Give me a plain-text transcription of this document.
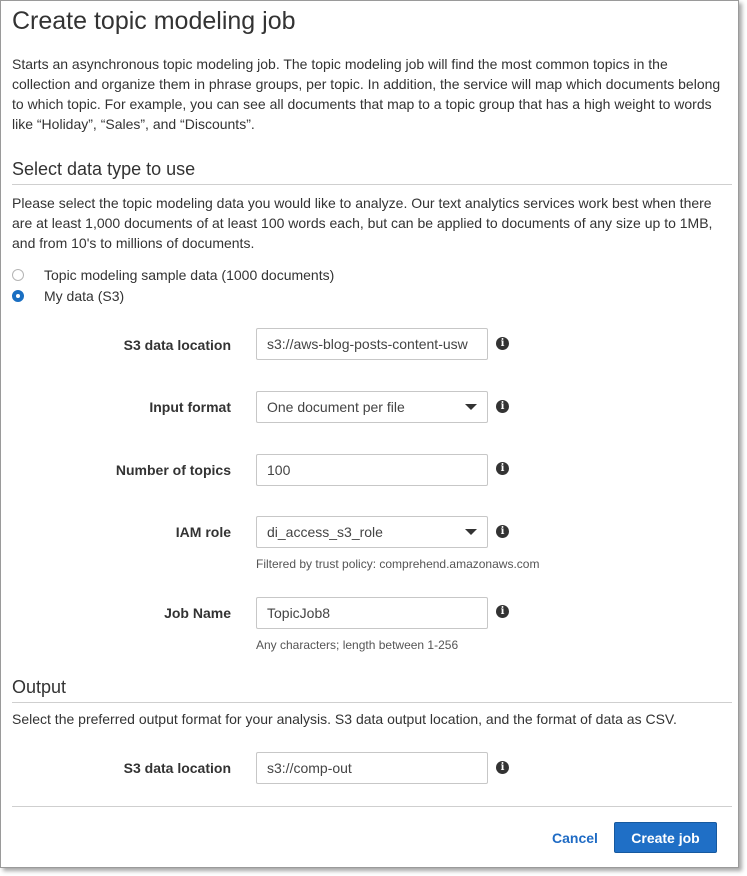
Create topic modeling job
Starts an asynchronous topic modeling job. The topic modeling job will find the most common topics in the collection and organize them in phrase groups, per topic. In addition, the service will map which documents belong to which topic. For example, you can see all documents that map to a topic group that has a high weight to words like “Holiday”, “Sales”, and “Discounts”.
Select data type to use
Please select the topic modeling data you would like to analyze. Our text analytics services work best when there are at least 1,000 documents of at least 100 words each, but can be applied to documents of any size up to 1MB, and from 10's to millions of documents.
Topic modeling sample data (1000 documents)
My data (S3)
S3 data location	s3://aws-blog-posts-content-usw	i
Input format	One document per file	i
Number of topics	100	i
IAM role	di_access_s3_role	i
Filtered by trust policy: comprehend.amazonaws.com
Job Name	TopicJob8	i
Any characters; length between 1-256
Output
Select the preferred output format for your analysis. S3 data output location, and the format of data as CSV.
S3 data location	s3://comp-out	i
Cancel	Create job
